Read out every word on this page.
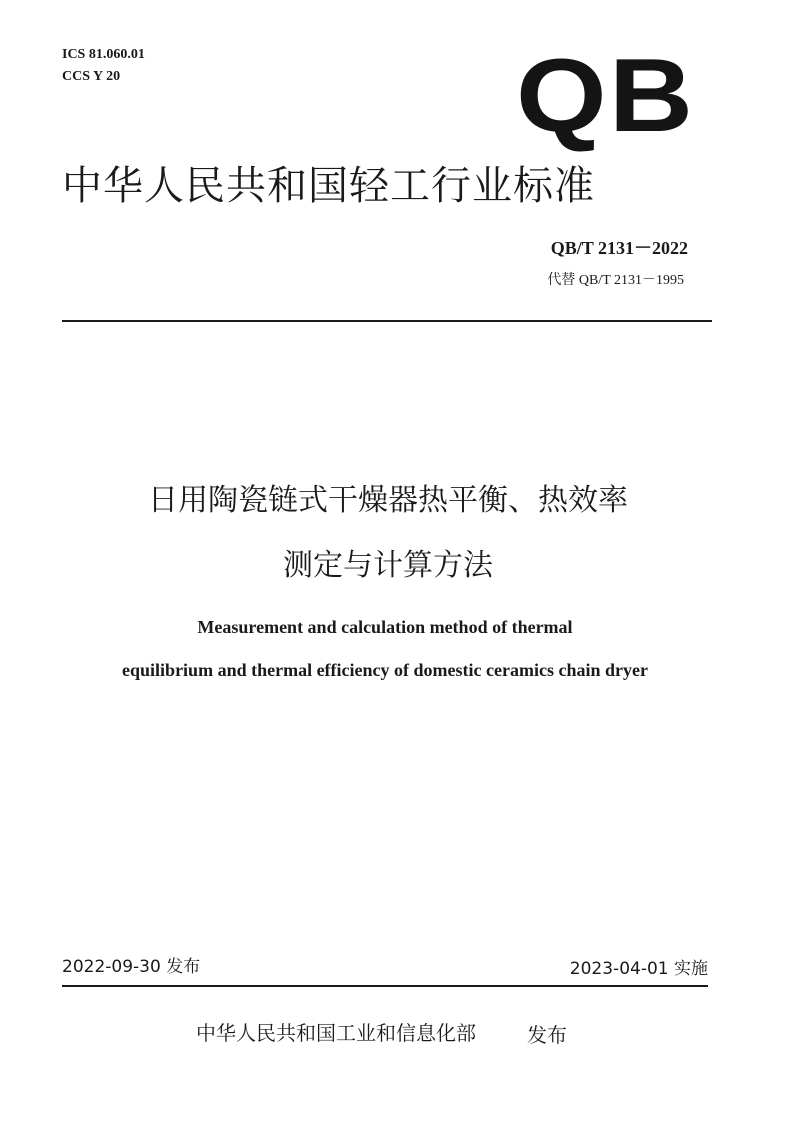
ICS 81.060.01
CCS Y 20	QB
中华人民共和国轻工行业标准
QB/T 2131－2022
代替 QB/T 2131－1995
日用陶瓷链式干燥器热平衡、热效率
测定与计算方法
Measurement and calculation method of thermal
equilibrium and thermal efficiency of domestic ceramics chain dryer
2022-09-30 发布	2023-04-01 实施
中华人民共和国工业和信息化部	发布
